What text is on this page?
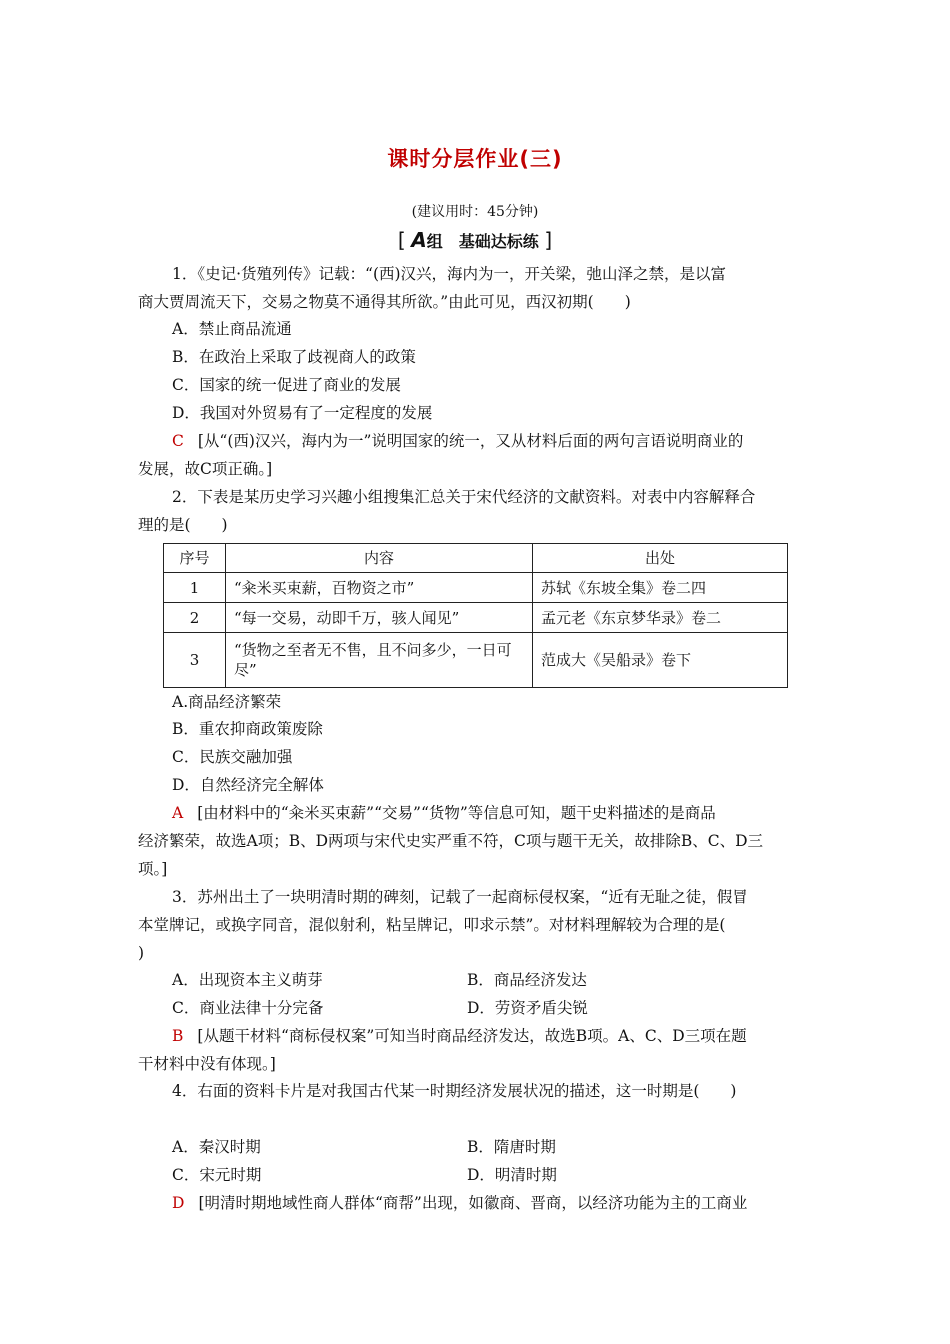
课时分层作业(三)
(建议用时：45分钟)
[ A组　基础达标练 ]
1．《史记·货殖列传》记载：“(西)汉兴，海内为一，开关梁，弛山泽之禁，是以富
商大贾周流天下，交易之物莫不通得其所欲。”由此可见，西汉初期(　　)
A．禁止商品流通
B．在政治上采取了歧视商人的政策
C．国家的统一促进了商业的发展
D．我国对外贸易有了一定程度的发展
C [从“(西)汉兴，海内为一”说明国家的统一，又从材料后面的两句言语说明商业的
发展，故C项正确。]
2．下表是某历史学习兴趣小组搜集汇总关于宋代经济的文献资料。对表中内容解释合
理的是(　　)
序号	内容	出处
1	“籴米买束薪，百物资之市”	苏轼《东坡全集》卷二四
2	“每一交易，动即千万，骇人闻见”	孟元老《东京梦华录》卷二
3	“货物之至者无不售，且不问多少，一日可尽”	范成大《吴船录》卷下
A.商品经济繁荣
B．重农抑商政策废除
C．民族交融加强
D．自然经济完全解体
A [由材料中的“籴米买束薪”“交易”“货物”等信息可知，题干史料描述的是商品
经济繁荣，故选A项；B、D两项与宋代史实严重不符，C项与题干无关，故排除B、C、D三
项。]
3．苏州出土了一块明清时期的碑刻，记载了一起商标侵权案，“近有无耻之徒，假冒
本堂牌记，或换字同音，混似射利，粘呈牌记，叩求示禁”。对材料理解较为合理的是(
)
A．出现资本主义萌芽	B．商品经济发达
C．商业法律十分完备	D．劳资矛盾尖锐
B [从题干材料“商标侵权案”可知当时商品经济发达，故选B项。A、C、D三项在题
干材料中没有体现。]
4．右面的资料卡片是对我国古代某一时期经济发展状况的描述，这一时期是(　　)
A．秦汉时期	B．隋唐时期
C．宋元时期	D．明清时期
D [明清时期地域性商人群体“商帮”出现，如徽商、晋商，以经济功能为主的工商业
